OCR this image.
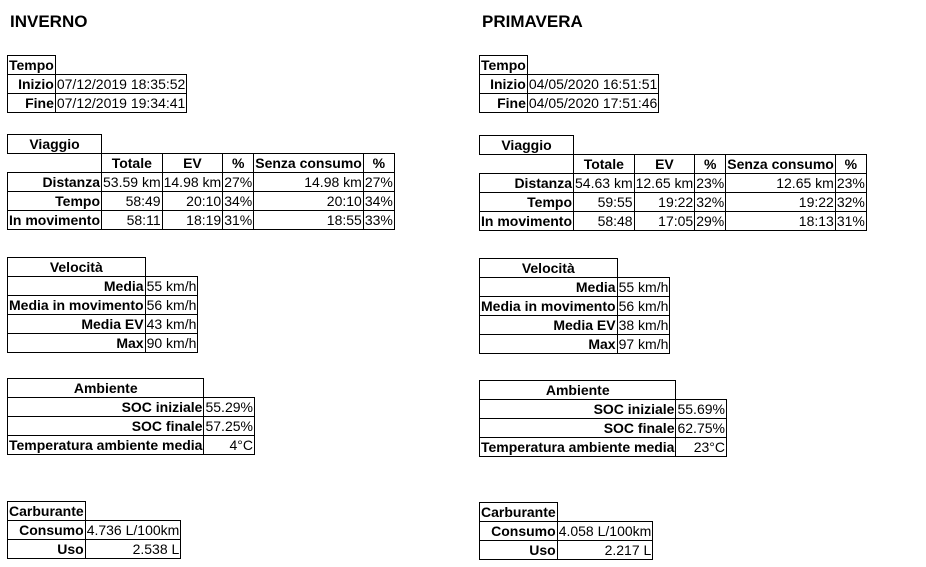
INVERNO
Tempo	
Inizio	07/12/2019 18:35:52
Fine	07/12/2019 19:34:41
Viaggio					
	Totale	EV	%	Senza consumo	%
Distanza	53.59 km	14.98 km	27%	14.98 km	27%
Tempo	58:49	20:10	34%	20:10	34%
In movimento	58:11	18:19	31%	18:55	33%
Velocità	
Media	55 km/h
Media in movimento	56 km/h
Media EV	43 km/h
Max	90 km/h
Ambiente	
SOC iniziale	55.29%
SOC finale	57.25%
Temperatura ambiente media	4°C
Carburante	
Consumo	4.736 L/100km
Uso	2.538 L
PRIMAVERA
Tempo	
Inizio	04/05/2020 16:51:51
Fine	04/05/2020 17:51:46
Viaggio					
	Totale	EV	%	Senza consumo	%
Distanza	54.63 km	12.65 km	23%	12.65 km	23%
Tempo	59:55	19:22	32%	19:22	32%
In movimento	58:48	17:05	29%	18:13	31%
Velocità	
Media	55 km/h
Media in movimento	56 km/h
Media EV	38 km/h
Max	97 km/h
Ambiente	
SOC iniziale	55.69%
SOC finale	62.75%
Temperatura ambiente media	23°C
Carburante	
Consumo	4.058 L/100km
Uso	2.217 L
